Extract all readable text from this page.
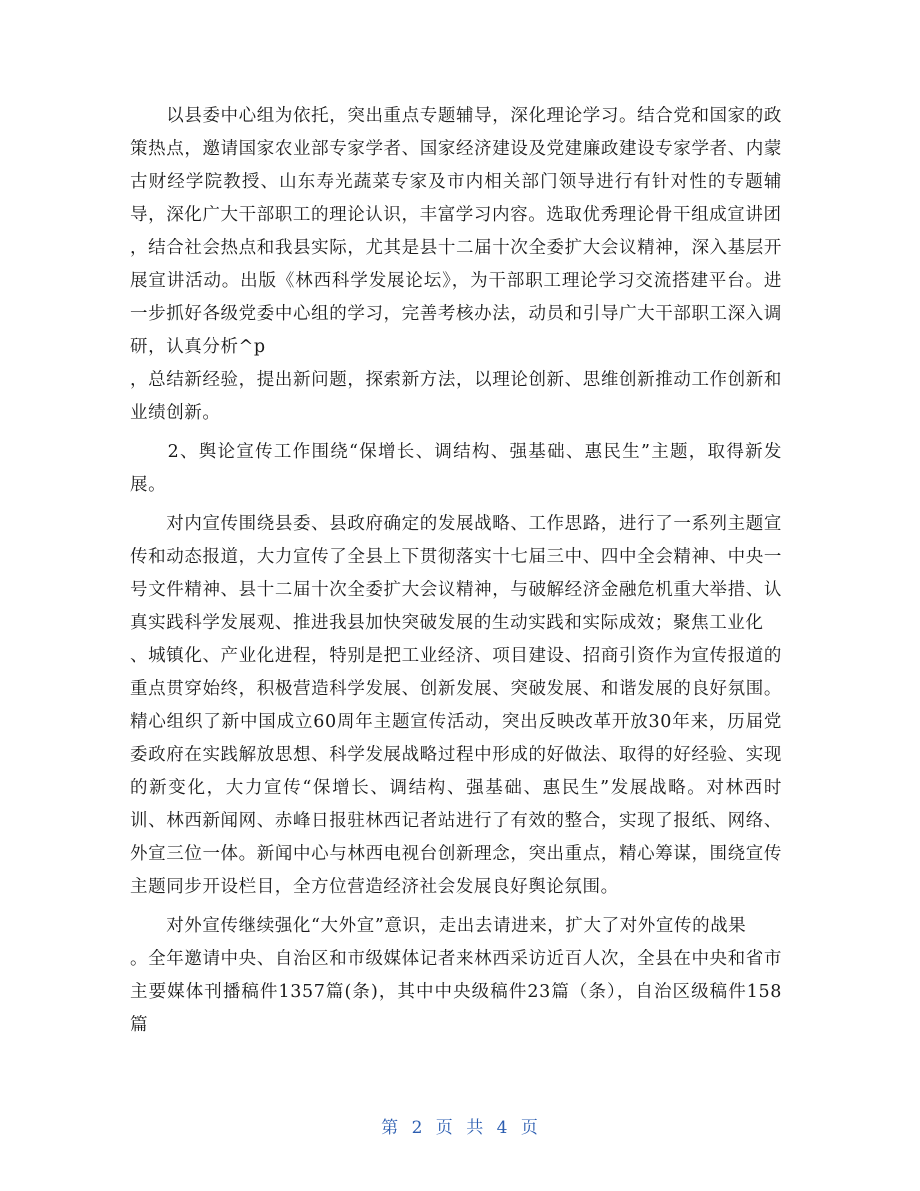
　　以县委中心组为依托，突出重点专题辅导，深化理论学习。结合党和国家的政策热点，邀请国家农业部专家学者、国家经济建设及党建廉政建设专家学者、内蒙古财经学院教授、山东寿光蔬菜专家及市内相关部门领导进行有针对性的专题辅导，深化广大干部职工的理论认识，丰富学习内容。选取优秀理论骨干组成宣讲团
，结合社会热点和我县实际，尤其是县十二届十次全委扩大会议精神，深入基层开展宣讲活动。出版《林西科学发展论坛》，为干部职工理论学习交流搭建平台。进一步抓好各级党委中心组的学习，完善考核办法，动员和引导广大干部职工深入调研，认真分析^p
，总结新经验，提出新问题，探索新方法，以理论创新、思维创新推动工作创新和业绩创新。

　　2、舆论宣传工作围绕“保增长、调结构、强基础、惠民生”主题，取得新发展。

　　对内宣传围绕县委、县政府确定的发展战略、工作思路，进行了一系列主题宣传和动态报道，大力宣传了全县上下贯彻落实十七届三中、四中全会精神、中央一号文件精神、县十二届十次全委扩大会议精神，与破解经济金融危机重大举措、认真实践科学发展观、推进我县加快突破发展的生动实践和实际成效；聚焦工业化
、城镇化、产业化进程，特别是把工业经济、项目建设、招商引资作为宣传报道的重点贯穿始终，积极营造科学发展、创新发展、突破发展、和谐发展的良好氛围。精心组织了新中国成立60周年主题宣传活动，突出反映改革开放30年来，历届党委政府在实践解放思想、科学发展战略过程中形成的好做法、取得的好经验、实现的新变化，大力宣传“保增长、调结构、强基础、惠民生”发展战略。对林西时训、林西新闻网、赤峰日报驻林西记者站进行了有效的整合，实现了报纸、网络、外宣三位一体。新闻中心与林西电视台创新理念，突出重点，精心筹谋，围绕宣传主题同步开设栏目，全方位营造经济社会发展良好舆论氛围。

　　对外宣传继续强化“大外宣”意识，走出去请进来，扩大了对外宣传的战果
。全年邀请中央、自治区和市级媒体记者来林西采访近百人次，全县在中央和省市主要媒体刊播稿件1357篇(条)，其中中央级稿件23篇（条），自治区级稿件158篇

第 2 页 共 4 页
